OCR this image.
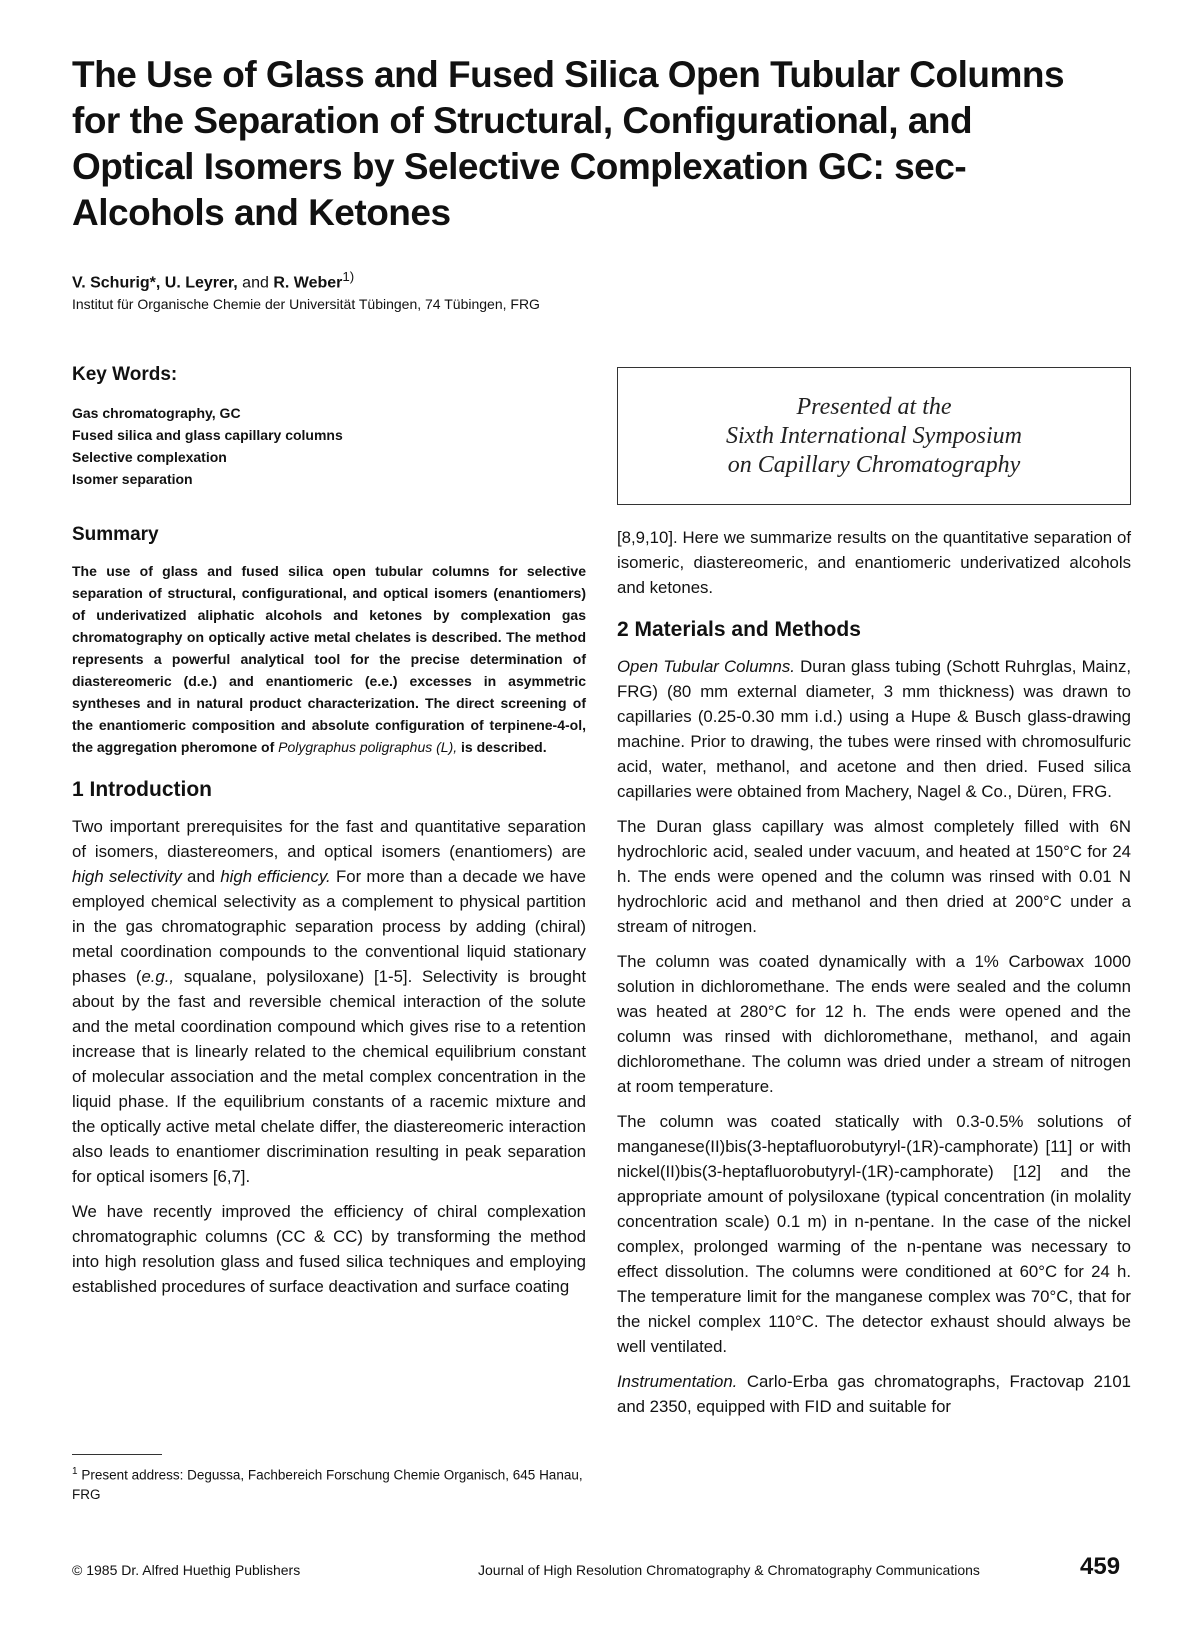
The Use of Glass and Fused Silica Open Tubular Columns for the Separation of Structural, Configurational, and Optical Isomers by Selective Complexation GC: sec-Alcohols and Ketones
V. Schurig*, U. Leyrer, and R. Weber$^{1)}$
Institut für Organische Chemie der Universität Tübingen, 74 Tübingen, FRG
Presented at the
Sixth International Symposium
on Capillary Chromatography
Key Words:
Gas chromatography, GC
Fused silica and glass capillary columns
Selective complexation
Isomer separation
Summary

The use of glass and fused silica open tubular columns for selective separation of structural, configurational, and optical isomers (enantiomers) of underivatized aliphatic alcohols and ketones by complexation gas chromatography on optically active metal chelates is described. The method represents a powerful analytical tool for the precise determination of diastereomeric (d.e.) and enantiomeric (e.e.) excesses in asymmetric syntheses and in natural product characterization. The direct screening of the enantiomeric composition and absolute configuration of terpinene-4-ol, the aggregation pheromone of Polygraphus poligraphus (L), is described.

1 Introduction

Two important prerequisites for the fast and quantitative separation of isomers, diastereomers, and optical isomers (enantiomers) are high selectivity and high efficiency. For more than a decade we have employed chemical selectivity as a complement to physical partition in the gas chromatographic separation process by adding (chiral) metal coordination compounds to the conventional liquid stationary phases (e.g., squalane, polysiloxane) [1-5]. Selectivity is brought about by the fast and reversible chemical interaction of the solute and the metal coordination compound which gives rise to a retention increase that is linearly related to the chemical equilibrium constant of molecular association and the metal complex concentration in the liquid phase. If the equilibrium constants of a racemic mixture and the optically active metal chelate differ, the diastereomeric interaction also leads to enantiomer discrimination resulting in peak separation for optical isomers [6,7].

We have recently improved the efficiency of chiral complexation chromatographic columns (CC & CC) by transforming the method into high resolution glass and fused silica techniques and employing established procedures of surface deactivation and surface coating

[8,9,10]. Here we summarize results on the quantitative separation of isomeric, diastereomeric, and enantiomeric underivatized alcohols and ketones.

2 Materials and Methods

Open Tubular Columns. Duran glass tubing (Schott Ruhrglas, Mainz, FRG) (80 mm external diameter, 3 mm thickness) was drawn to capillaries (0.25-0.30 mm i.d.) using a Hupe & Busch glass-drawing machine. Prior to drawing, the tubes were rinsed with chromosulfuric acid, water, methanol, and acetone and then dried. Fused silica capillaries were obtained from Machery, Nagel & Co., Düren, FRG.

The Duran glass capillary was almost completely filled with 6N hydrochloric acid, sealed under vacuum, and heated at 150°C for 24 h. The ends were opened and the column was rinsed with 0.01 N hydrochloric acid and methanol and then dried at 200°C under a stream of nitrogen.

The column was coated dynamically with a 1% Carbowax 1000 solution in dichloromethane. The ends were sealed and the column was heated at 280°C for 12 h. The ends were opened and the column was rinsed with dichloromethane, methanol, and again dichloromethane. The column was dried under a stream of nitrogen at room temperature.

The column was coated statically with 0.3-0.5% solutions of manganese(II)bis(3-heptafluorobutyryl-(1R)-camphorate) [11] or with nickel(II)bis(3-heptafluorobutyryl-(1R)-camphorate) [12] and the appropriate amount of polysiloxane (typical concentration (in molality concentration scale) 0.1 m) in n-pentane. In the case of the nickel complex, prolonged warming of the n-pentane was necessary to effect dissolution. The columns were conditioned at 60°C for 24 h. The temperature limit for the manganese complex was 70°C, that for the nickel complex 110°C. The detector exhaust should always be well ventilated.

Instrumentation. Carlo-Erba gas chromatographs, Fractovap 2101 and 2350, equipped with FID and suitable for

$^1$ Present address: Degussa, Fachbereich Forschung Chemie Organisch, 645 Hanau, FRG
© 1985 Dr. Alfred Huethig Publishers	Journal of High Resolution Chromatography & Chromatography Communications	459
